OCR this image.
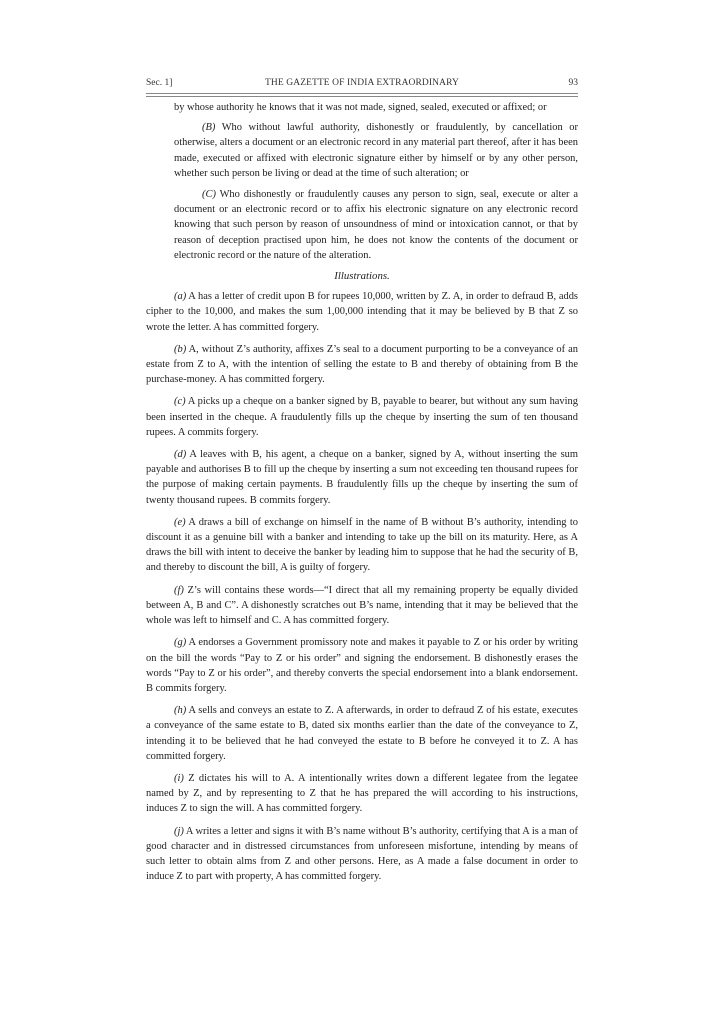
Sec. 1]	THE GAZETTE OF INDIA EXTRAORDINARY	93

by whose authority he knows that it was not made, signed, sealed, executed or affixed; or

(B) Who without lawful authority, dishonestly or fraudulently, by cancellation or otherwise, alters a document or an electronic record in any material part thereof, after it has been made, executed or affixed with electronic signature either by himself or by any other person, whether such person be living or dead at the time of such alteration; or

(C) Who dishonestly or fraudulently causes any person to sign, seal, execute or alter a document or an electronic record or to affix his electronic signature on any electronic record knowing that such person by reason of unsoundness of mind or intoxication cannot, or that by reason of deception practised upon him, he does not know the contents of the document or electronic record or the nature of the alteration.

Illustrations.

(a) A has a letter of credit upon B for rupees 10,000, written by Z. A, in order to defraud B, adds cipher to the 10,000, and makes the sum 1,00,000 intending that it may be believed by B that Z so wrote the letter. A has committed forgery.

(b) A, without Z’s authority, affixes Z’s seal to a document purporting to be a conveyance of an estate from Z to A, with the intention of selling the estate to B and thereby of obtaining from B the purchase-money. A has committed forgery.

(c) A picks up a cheque on a banker signed by B, payable to bearer, but without any sum having been inserted in the cheque. A fraudulently fills up the cheque by inserting the sum of ten thousand rupees. A commits forgery.

(d) A leaves with B, his agent, a cheque on a banker, signed by A, without inserting the sum payable and authorises B to fill up the cheque by inserting a sum not exceeding ten thousand rupees for the purpose of making certain payments. B fraudulently fills up the cheque by inserting the sum of twenty thousand rupees. B commits forgery.

(e) A draws a bill of exchange on himself in the name of B without B’s authority, intending to discount it as a genuine bill with a banker and intending to take up the bill on its maturity. Here, as A draws the bill with intent to deceive the banker by leading him to suppose that he had the security of B, and thereby to discount the bill, A is guilty of forgery.

(f) Z’s will contains these words—“I direct that all my remaining property be equally divided between A, B and C”. A dishonestly scratches out B’s name, intending that it may be believed that the whole was left to himself and C. A has committed forgery.

(g) A endorses a Government promissory note and makes it payable to Z or his order by writing on the bill the words “Pay to Z or his order” and signing the endorsement. B dishonestly erases the words “Pay to Z or his order”, and thereby converts the special endorsement into a blank endorsement. B commits forgery.

(h) A sells and conveys an estate to Z. A afterwards, in order to defraud Z of his estate, executes a conveyance of the same estate to B, dated six months earlier than the date of the conveyance to Z, intending it to be believed that he had conveyed the estate to B before he conveyed it to Z. A has committed forgery.

(i) Z dictates his will to A. A intentionally writes down a different legatee from the legatee named by Z, and by representing to Z that he has prepared the will according to his instructions, induces Z to sign the will. A has committed forgery.

(j) A writes a letter and signs it with B’s name without B’s authority, certifying that A is a man of good character and in distressed circumstances from unforeseen misfortune, intending by means of such letter to obtain alms from Z and other persons. Here, as A made a false document in order to induce Z to part with property, A has committed forgery.
